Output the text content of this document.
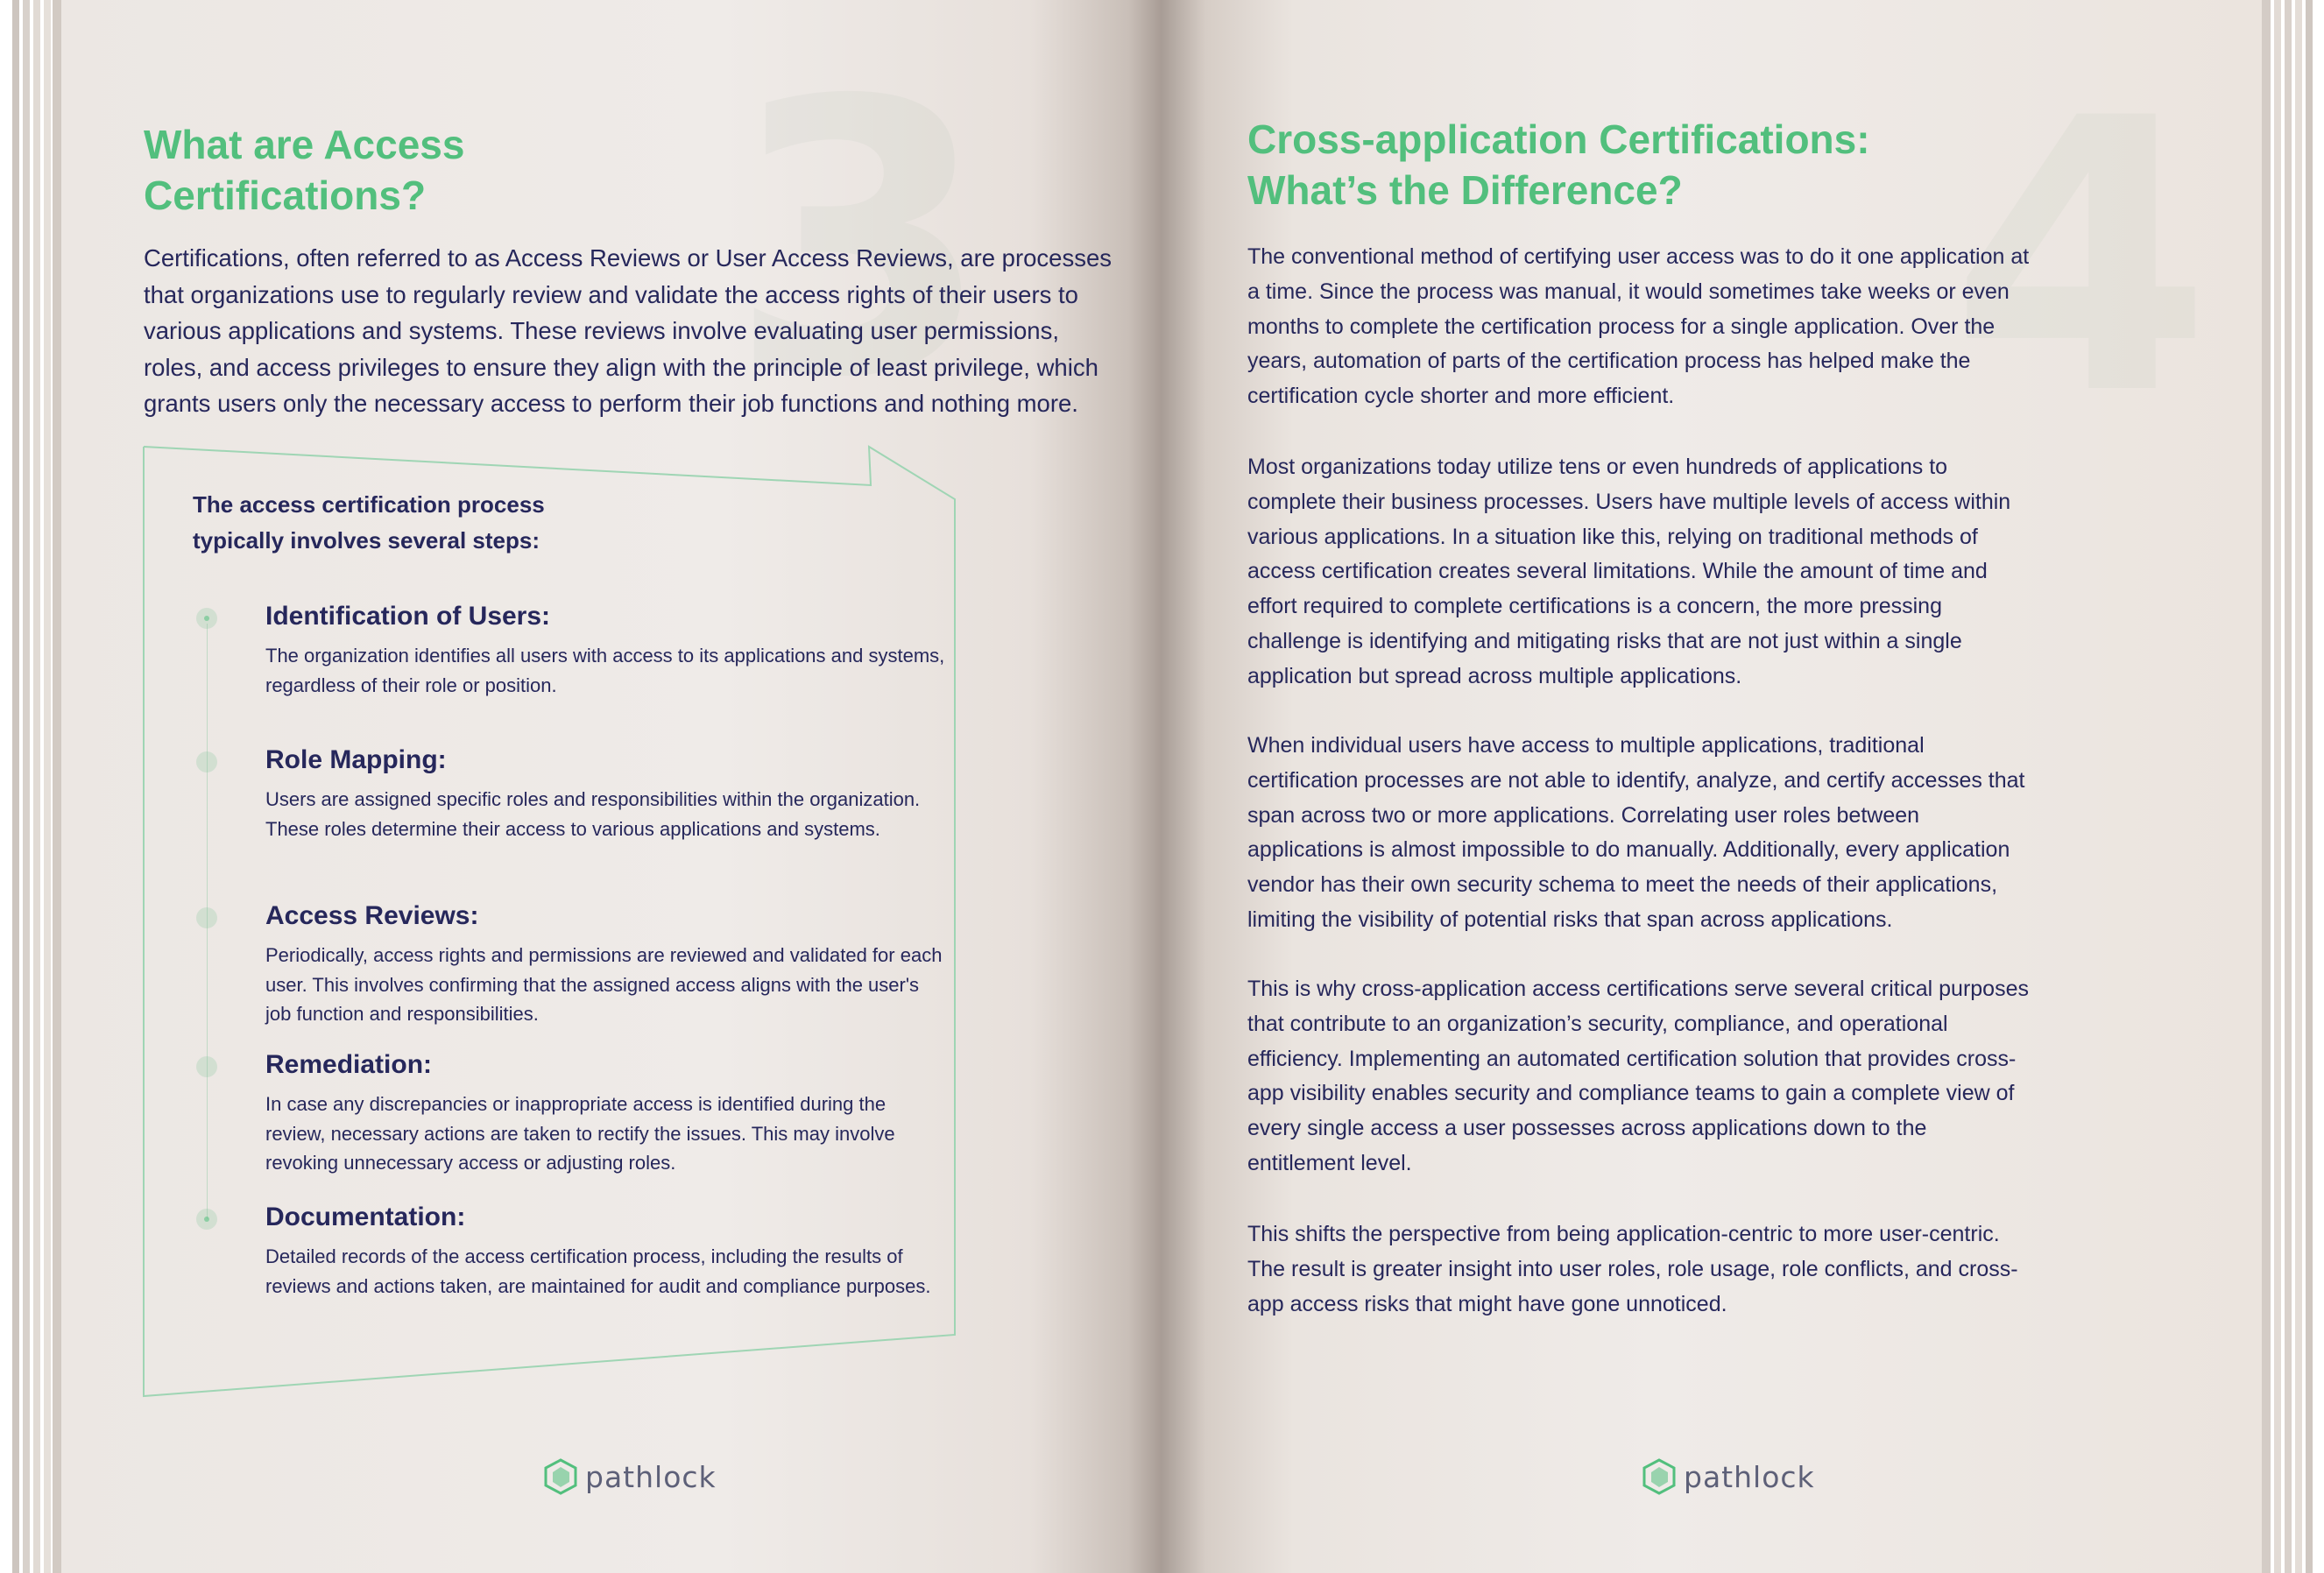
3
What are Access
Certifications?

Certifications, often referred to as Access Reviews or User Access Reviews, are processes that organizations use to regularly review and validate the access rights of their users to various applications and systems. These reviews involve evaluating user permissions, roles, and access privileges to ensure they align with the principle of least privilege, which grants users only the necessary access to perform their job functions and nothing more.

The access certification process typically involves several steps:

Identification of Users:

The organization identifies all users with access to its applications and systems, regardless of their role or position.

Role Mapping:

Users are assigned specific roles and responsibilities within the organization. These roles determine their access to various applications and systems.

Access Reviews:

Periodically, access rights and permissions are reviewed and validated for each user. This involves confirming that the assigned access aligns with the user's job function and responsibilities.

Remediation:

In case any discrepancies or inappropriate access is identified during the review, necessary actions are taken to rectify the issues. This may involve revoking unnecessary access or adjusting roles.

Documentation:

Detailed records of the access certification process, including the results of reviews and actions taken, are maintained for audit and compliance purposes.

pathlock
4
Cross-application Certifications:
What’s the Difference?

The conventional method of certifying user access was to do it one application at a time. Since the process was manual, it would sometimes take weeks or even months to complete the certification process for a single application. Over the years, automation of parts of the certification process has helped make the certification cycle shorter and more efficient.

Most organizations today utilize tens or even hundreds of applications to complete their business processes. Users have multiple levels of access within various applications. In a situation like this, relying on traditional methods of access certification creates several limitations. While the amount of time and effort required to complete certifications is a concern, the more pressing challenge is identifying and mitigating risks that are not just within a single application but spread across multiple applications.

When individual users have access to multiple applications, traditional certification processes are not able to identify, analyze, and certify accesses that span across two or more applications. Correlating user roles between applications is almost impossible to do manually. Additionally, every application vendor has their own security schema to meet the needs of their applications, limiting the visibility of potential risks that span across applications.

This is why cross-application access certifications serve several critical purposes that contribute to an organization’s security, compliance, and operational efficiency. Implementing an automated certification solution that provides cross-app visibility enables security and compliance teams to gain a complete view of every single access a user possesses across applications down to the entitlement level.

This shifts the perspective from being application-centric to more user-centric. The result is greater insight into user roles, role usage, role conflicts, and cross-app access risks that might have gone unnoticed.

pathlock
